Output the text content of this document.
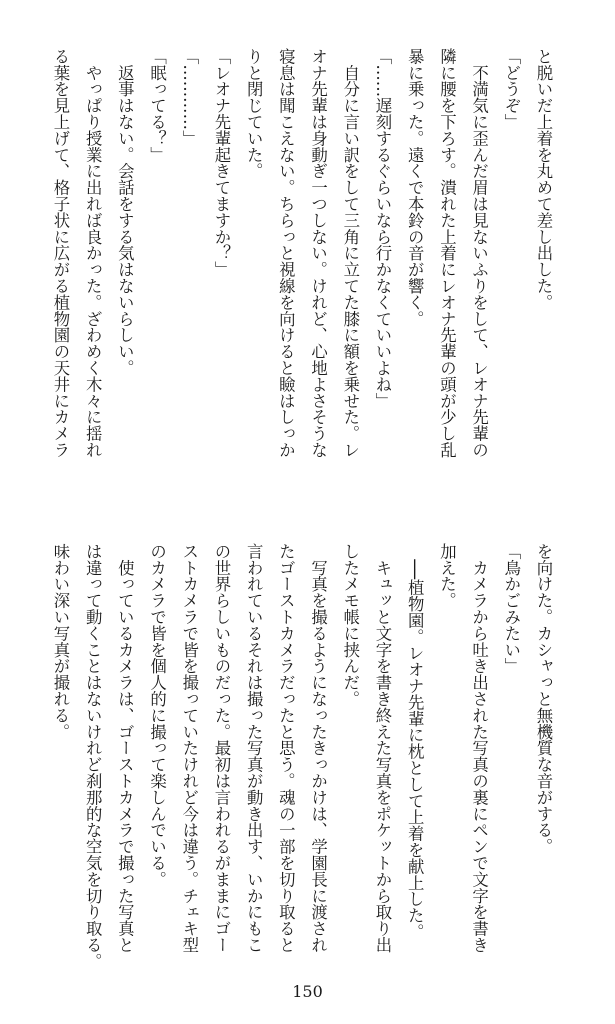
と脱いだ上着を丸めて差し出した。
「どうぞ」
　不満気に歪んだ眉は見ないふりをして、レオナ先輩の
隣に腰を下ろす。潰れた上着にレオナ先輩の頭が少し乱
暴に乗った。遠くで本鈴の音が響く。
「……遅刻するぐらいなら行かなくていいよね」
　自分に言い訳をして三角に立てた膝に額を乗せた。レ
オナ先輩は身動ぎ一つしない。けれど、心地よさそうな
寝息は聞こえない。ちらっと視線を向けると瞼はしっか
りと閉じていた。
「レオナ先輩起きてますか？」
「…………」
「眠ってる？」
　返事はない。会話をする気はないらしい。
　やっぱり授業に出れば良かった。ざわめく木々に揺れ
る葉を見上げて、格子状に広がる植物園の天井にカメラ
を向けた。カシャっと無機質な音がする。
「鳥かごみたい」
　カメラから吐き出された写真の裏にペンで文字を書き
加えた。
　──植物園。レオナ先輩に枕として上着を献上した。
　キュッと文字を書き終えた写真をポケットから取り出
したメモ帳に挟んだ。
　写真を撮るようになったきっかけは、学園長に渡され
たゴーストカメラだったと思う。魂の一部を切り取ると
言われているそれは撮った写真が動き出す、いかにもこ
の世界らしいものだった。最初は言われるがままにゴー
ストカメラで皆を撮っていたけれど今は違う。チェキ型
のカメラで皆を個人的に撮って楽しんでいる。
　使っているカメラは、ゴーストカメラで撮った写真と
は違って動くことはないけれど刹那的な空気を切り取る。
味わい深い写真が撮れる。
150
